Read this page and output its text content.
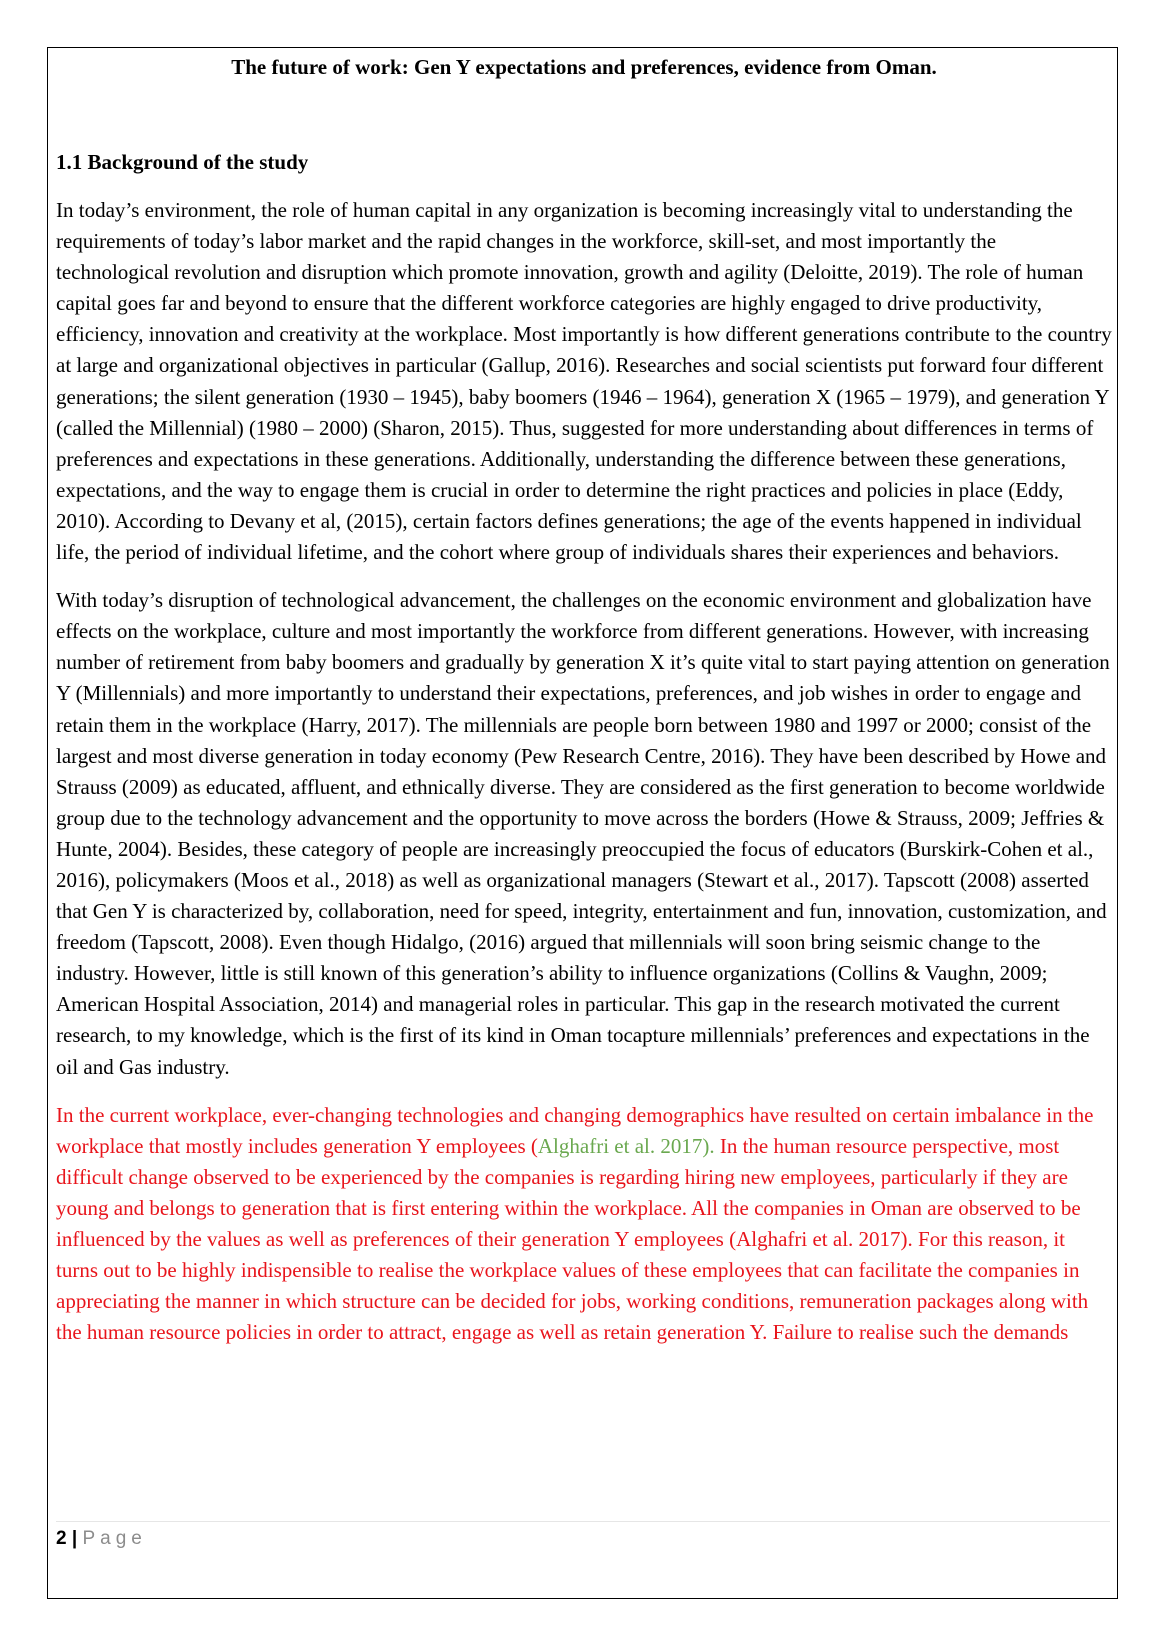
The future of work: Gen Y expectations and preferences, evidence from Oman.
1.1 Background of the study

In today’s environment, the role of human capital in any organization is becoming increasingly vital to understanding the requirements of today’s labor market and the rapid changes in the workforce, skill-set, and most importantly the technological revolution and disruption which promote innovation, growth and agility (Deloitte, 2019). The role of human capital goes far and beyond to ensure that the different workforce categories are highly engaged to drive productivity, efficiency, innovation and creativity at the workplace. Most importantly is how different generations contribute to the country at large and organizational objectives in particular (Gallup, 2016). Researches and social scientists put forward four different generations; the silent generation (1930 – 1945), baby boomers (1946 – 1964), generation X (1965 – 1979), and generation Y (called the Millennial) (1980 – 2000) (Sharon, 2015). Thus, suggested for more understanding about differences in terms of preferences and expectations in these generations. Additionally, understanding the difference between these generations, expectations, and the way to engage them is crucial in order to determine the right practices and policies in place (Eddy, 2010). According to Devany et al, (2015), certain factors defines generations; the age of the events happened in individual life, the period of individual lifetime, and the cohort where group of individuals shares their experiences and behaviors.

With today’s disruption of technological advancement, the challenges on the economic environment and globalization have effects on the workplace, culture and most importantly the workforce from different generations. However, with increasing number of retirement from baby boomers and gradually by generation X it’s quite vital to start paying attention on generation Y (Millennials) and more importantly to understand their expectations, preferences, and job wishes in order to engage and retain them in the workplace (Harry, 2017). The millennials are people born between 1980 and 1997 or 2000; consist of the largest and most diverse generation in today economy (Pew Research Centre, 2016). They have been described by Howe and Strauss (2009) as educated, affluent, and ethnically diverse. They are considered as the first generation to become worldwide group due to the technology advancement and the opportunity to move across the borders (Howe & Strauss, 2009; Jeffries & Hunte, 2004). Besides, these category of people are increasingly preoccupied the focus of educators (Burskirk-Cohen et al., 2016), policymakers (Moos et al., 2018) as well as organizational managers (Stewart et al., 2017). Tapscott (2008) asserted that Gen Y is characterized by, collaboration, need for speed, integrity, entertainment and fun, innovation, customization, and freedom (Tapscott, 2008). Even though Hidalgo, (2016) argued that millennials will soon bring seismic change to the industry. However, little is still known of this generation’s ability to influence organizations (Collins & Vaughn, 2009; American Hospital Association, 2014) and managerial roles in particular. This gap in the research motivated the current research, to my knowledge, which is the first of its kind in Oman tocapture millennials’ preferences and expectations in the oil and Gas industry.

In the current workplace, ever-changing technologies and changing demographics have resulted on certain imbalance in the workplace that mostly includes generation Y employees (Alghafri et al. 2017). In the human resource perspective, most difficult change observed to be experienced by the companies is regarding hiring new employees, particularly if they are young and belongs to generation that is first entering within the workplace. All the companies in Oman are observed to be influenced by the values as well as preferences of their generation Y employees (Alghafri et al. 2017). For this reason, it turns out to be highly indispensible to realise the workplace values of these employees that can facilitate the companies in appreciating the manner in which structure can be decided for jobs, working conditions, remuneration packages along with the human resource policies in order to attract, engage as well as retain generation Y. Failure to realise such the demands

2 | Page
